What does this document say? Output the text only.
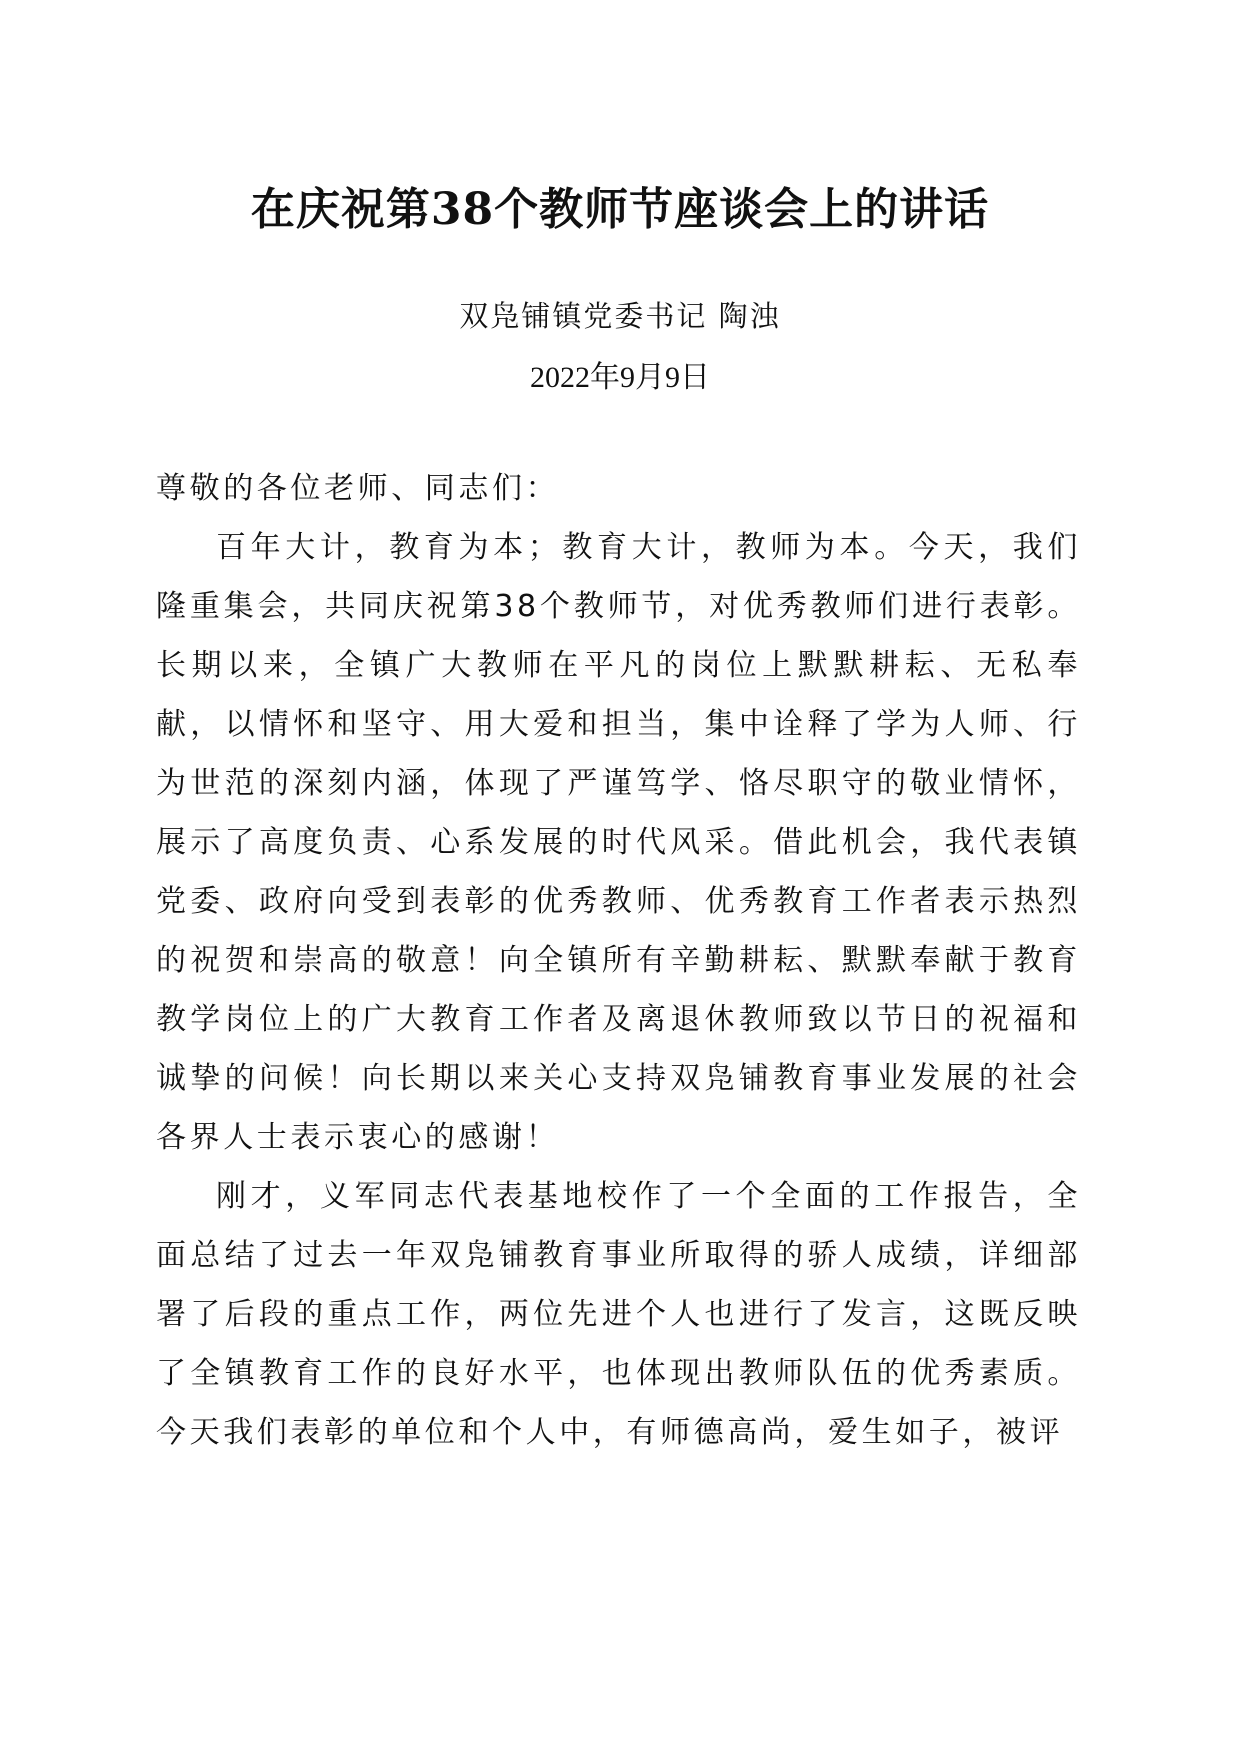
在庆祝第38个教师节座谈会上的讲话
双凫铺镇党委书记 陶浊
2022年9月9日

尊敬的各位老师、同志们：

百年大计，教育为本；教育大计，教师为本。今天，我们隆重集会，共同庆祝第38个教师节，对优秀教师们进行表彰。长期以来，全镇广大教师在平凡的岗位上默默耕耘、无私奉献，以情怀和坚守、用大爱和担当，集中诠释了学为人师、行为世范的深刻内涵，体现了严谨笃学、恪尽职守的敬业情怀，展示了高度负责、心系发展的时代风采。借此机会，我代表镇党委、政府向受到表彰的优秀教师、优秀教育工作者表示热烈的祝贺和崇高的敬意！向全镇所有辛勤耕耘、默默奉献于教育教学岗位上的广大教育工作者及离退休教师致以节日的祝福和诚挚的问候！向长期以来关心支持双凫铺教育事业发展的社会各界人士表示衷心的感谢！

刚才，义军同志代表基地校作了一个全面的工作报告，全面总结了过去一年双凫铺教育事业所取得的骄人成绩，详细部署了后段的重点工作，两位先进个人也进行了发言，这既反映了全镇教育工作的良好水平，也体现出教师队伍的优秀素质。今天我们表彰的单位和个人中，有师德高尚，爱生如子，被评
